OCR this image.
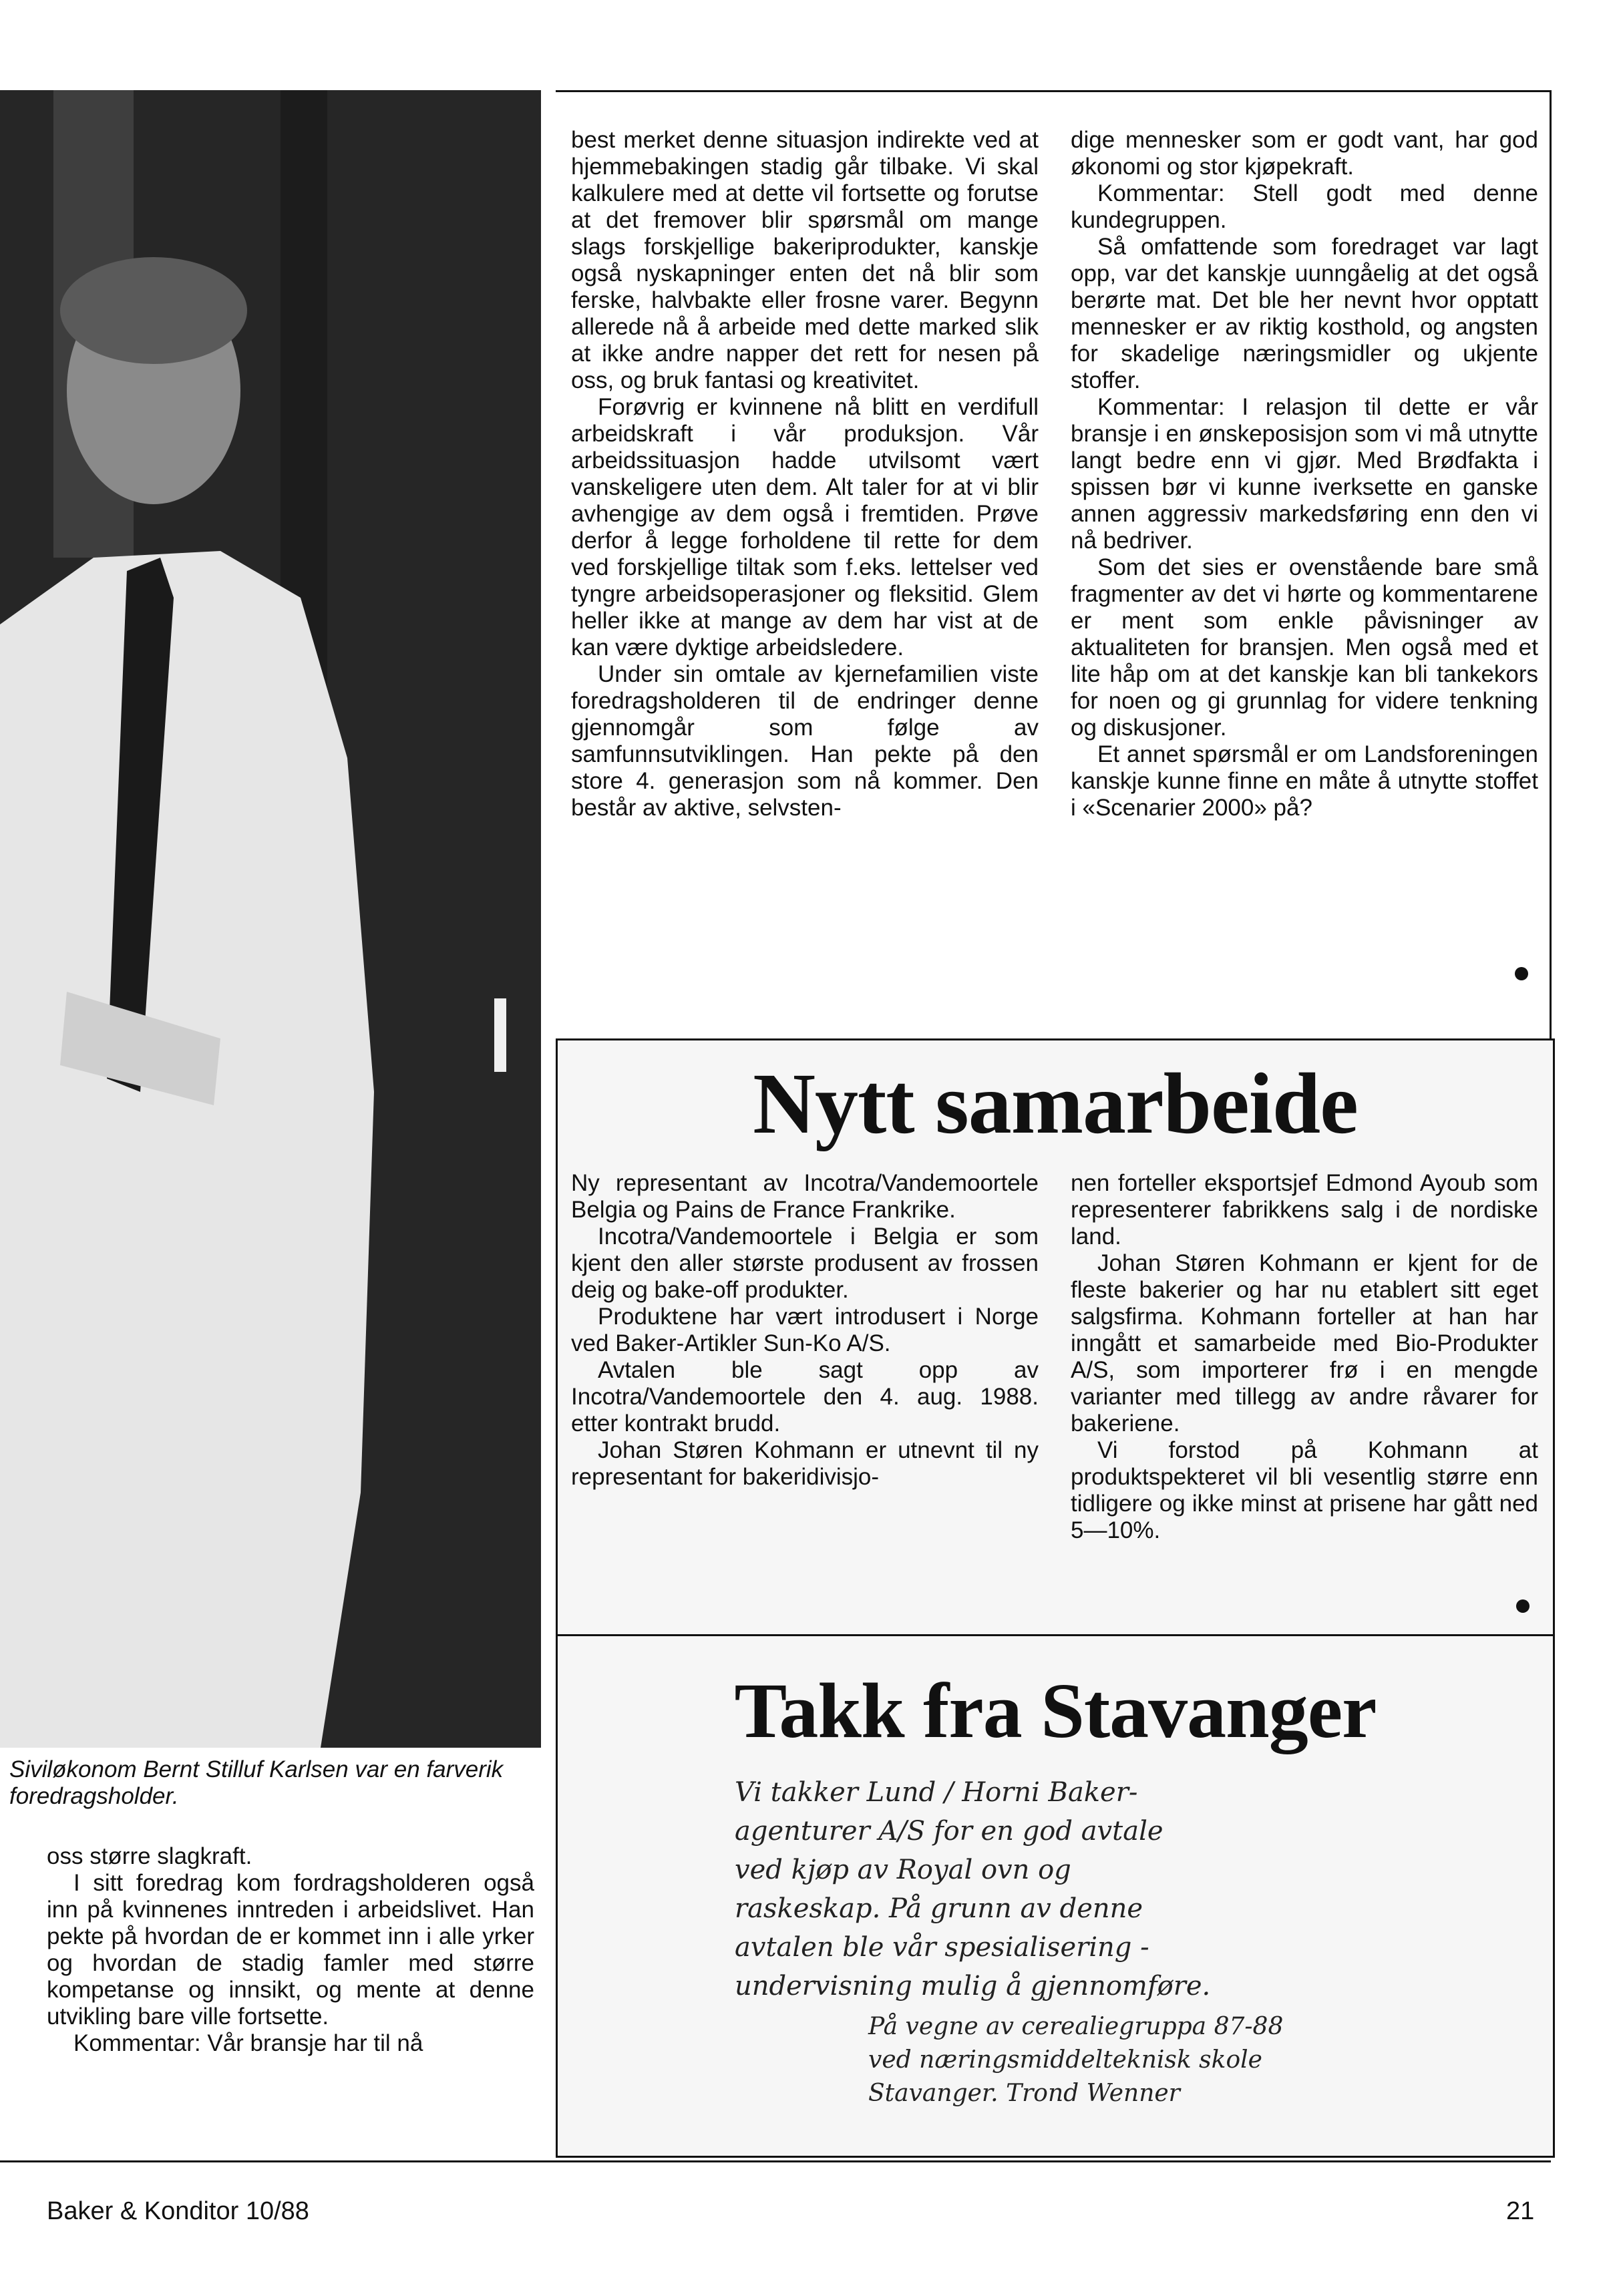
Siviløkonom Bernt Stilluf Karlsen var en farverik foredragsholder.

oss større slagkraft.

I sitt foredrag kom fordragsholderen også inn på kvinnenes inntreden i arbeidslivet. Han pekte på hvordan de er kommet inn i alle yrker og hvordan de stadig famler med større kompetanse og innsikt, og mente at denne utvikling bare ville fortsette.

Kommentar: Vår bransje har til nå

best merket denne situasjon indirekte ved at hjemmebakingen stadig går tilbake. Vi skal kalkulere med at dette vil fortsette og forutse at det fremover blir spørsmål om mange slags forskjellige bakeriprodukter, kanskje også nyskapninger enten det nå blir som ferske, halvbakte eller frosne varer. Begynn allerede nå å arbeide med dette marked slik at ikke andre napper det rett for nesen på oss, og bruk fantasi og kreativitet.

Forøvrig er kvinnene nå blitt en verdifull arbeidskraft i vår produksjon. Vår arbeidssituasjon hadde utvilsomt vært vanskeligere uten dem. Alt taler for at vi blir avhengige av dem også i fremtiden. Prøve derfor å legge forholdene til rette for dem ved forskjellige tiltak som f.eks. lettelser ved tyngre arbeidsoperasjoner og fleksitid. Glem heller ikke at mange av dem har vist at de kan være dyktige arbeidsledere.

Under sin omtale av kjernefamilien viste foredragsholderen til de endringer denne gjennomgår som følge av samfunnsutviklingen. Han pekte på den store 4. generasjon som nå kommer. Den består av aktive, selvsten-

dige mennesker som er godt vant, har god økonomi og stor kjøpekraft.

Kommentar: Stell godt med denne kundegruppen.

Så omfattende som foredraget var lagt opp, var det kanskje uunngåelig at det også berørte mat. Det ble her nevnt hvor opptatt mennesker er av riktig kosthold, og angsten for skadelige næringsmidler og ukjente stoffer.

Kommentar: I relasjon til dette er vår bransje i en ønskeposisjon som vi må utnytte langt bedre enn vi gjør. Med Brødfakta i spissen bør vi kunne iverksette en ganske annen aggressiv markedsføring enn den vi nå bedriver.

Som det sies er ovenstående bare små fragmenter av det vi hørte og kommentarene er ment som enkle påvisninger av aktualiteten for bransjen. Men også med et lite håp om at det kanskje kan bli tankekors for noen og gi grunnlag for videre tenkning og diskusjoner.

Et annet spørsmål er om Landsforeningen kanskje kunne finne en måte å utnytte stoffet i «Scenarier 2000» på?

Nytt samarbeide

Ny representant av Incotra/Vandemoortele Belgia og Pains de France Frankrike.

Incotra/Vandemoortele i Belgia er som kjent den aller største produsent av frossen deig og bake-off produkter.

Produktene har vært introdusert i Norge ved Baker-Artikler Sun-Ko A/S.

Avtalen ble sagt opp av Incotra/Vandemoortele den 4. aug. 1988. etter kontrakt brudd.

Johan Støren Kohmann er utnevnt til ny representant for bakeridivisjo-

nen forteller eksportsjef Edmond Ayoub som representerer fabrikkens salg i de nordiske land.

Johan Støren Kohmann er kjent for de fleste bakerier og har nu etablert sitt eget salgsfirma. Kohmann forteller at han har inngått et samarbeide med Bio-Produkter A/S, som importerer frø i en mengde varianter med tillegg av andre råvarer for bakeriene.

Vi forstod på Kohmann at produktspekteret vil bli vesentlig større enn tidligere og ikke minst at prisene har gått ned 5—10%.

Takk fra Stavanger
Vi takker Lund / Horni Baker-
agenturer A/S for en god avtale
ved kjøp av Royal ovn og
raskeskap. På grunn av denne
avtalen ble vår spesialisering -
undervisning mulig å gjennomføre.
På vegne av cerealiegruppa 87-88
ved næringsmiddelteknisk skole
Stavanger. Trond Wenner
Baker & Konditor 10/88	21
